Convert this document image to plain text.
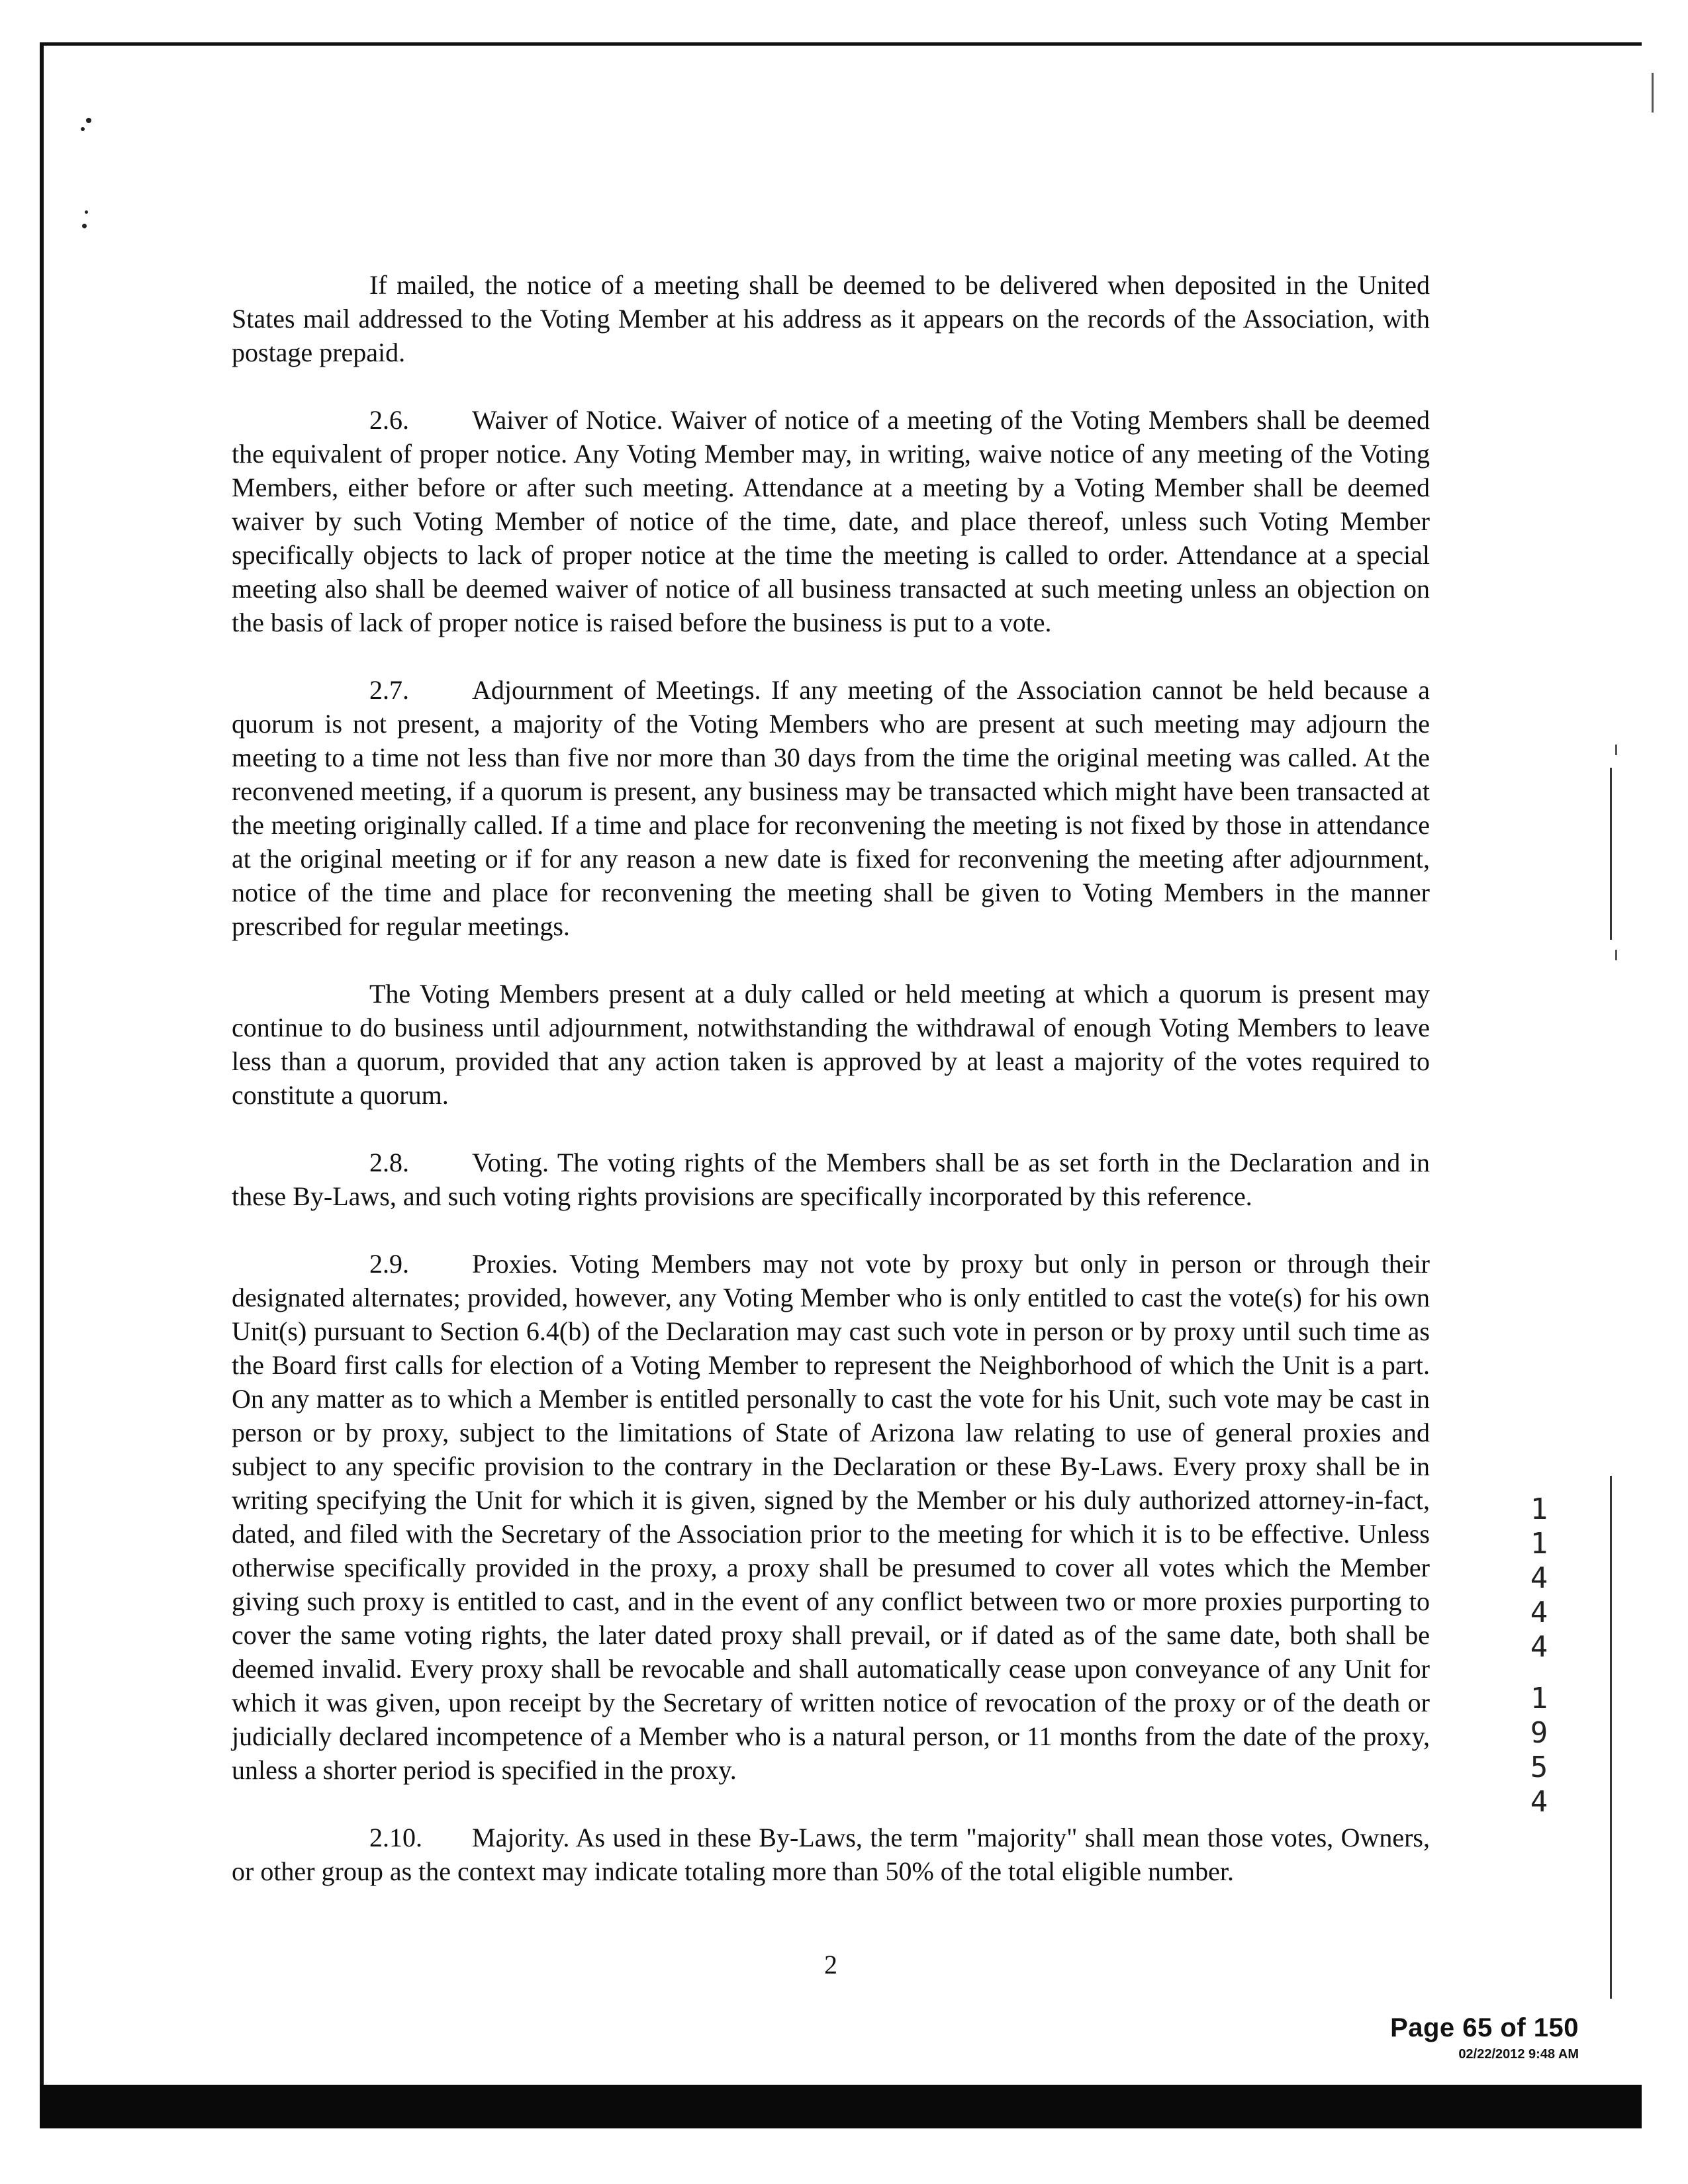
If mailed, the notice of a meeting shall be deemed to be delivered when deposited in the United States mail addressed to the Voting Member at his address as it appears on the records of the Association, with postage prepaid.

2.6. Waiver of Notice. Waiver of notice of a meeting of the Voting Members shall be deemed the equivalent of proper notice. Any Voting Member may, in writing, waive notice of any meeting of the Voting Members, either before or after such meeting. Attendance at a meeting by a Voting Member shall be deemed waiver by such Voting Member of notice of the time, date, and place thereof, unless such Voting Member specifically objects to lack of proper notice at the time the meeting is called to order. Attendance at a special meeting also shall be deemed waiver of notice of all business transacted at such meeting unless an objection on the basis of lack of proper notice is raised before the business is put to a vote.

2.7. Adjournment of Meetings. If any meeting of the Association cannot be held because a quorum is not present, a majority of the Voting Members who are present at such meeting may adjourn the meeting to a time not less than five nor more than 30 days from the time the original meeting was called. At the reconvened meeting, if a quorum is present, any business may be transacted which might have been transacted at the meeting originally called. If a time and place for reconvening the meeting is not fixed by those in attendance at the original meeting or if for any reason a new date is fixed for reconvening the meeting after adjournment, notice of the time and place for reconvening the meeting shall be given to Voting Members in the manner prescribed for regular meetings.

The Voting Members present at a duly called or held meeting at which a quorum is present may continue to do business until adjournment, notwithstanding the withdrawal of enough Voting Members to leave less than a quorum, provided that any action taken is approved by at least a majority of the votes required to constitute a quorum.

2.8. Voting. The voting rights of the Members shall be as set forth in the Declaration and in these By-Laws, and such voting rights provisions are specifically incorporated by this reference.

2.9. Proxies. Voting Members may not vote by proxy but only in person or through their designated alternates; provided, however, any Voting Member who is only entitled to cast the vote(s) for his own Unit(s) pursuant to Section 6.4(b) of the Declaration may cast such vote in person or by proxy until such time as the Board first calls for election of a Voting Member to represent the Neighborhood of which the Unit is a part. On any matter as to which a Member is entitled personally to cast the vote for his Unit, such vote may be cast in person or by proxy, subject to the limitations of State of Arizona law relating to use of general proxies and subject to any specific provision to the contrary in the Declaration or these By-Laws. Every proxy shall be in writing specifying the Unit for which it is given, signed by the Member or his duly authorized attorney-in-fact, dated, and filed with the Secretary of the Association prior to the meeting for which it is to be effective. Unless otherwise specifically provided in the proxy, a proxy shall be presumed to cover all votes which the Member giving such proxy is entitled to cast, and in the event of any conflict between two or more proxies purporting to cover the same voting rights, the later dated proxy shall prevail, or if dated as of the same date, both shall be deemed invalid. Every proxy shall be revocable and shall automatically cease upon conveyance of any Unit for which it was given, upon receipt by the Secretary of written notice of revocation of the proxy or of the death or judicially declared incompetence of a Member who is a natural person, or 11 months from the date of the proxy, unless a shorter period is specified in the proxy.

2.10. Majority. As used in these By-Laws, the term "majority" shall mean those votes, Owners, or other group as the context may indicate totaling more than 50% of the total eligible number.

1
1
4
4
4
1
9
5
4
2
Page 65 of 150
02/22/2012 9:48 AM
